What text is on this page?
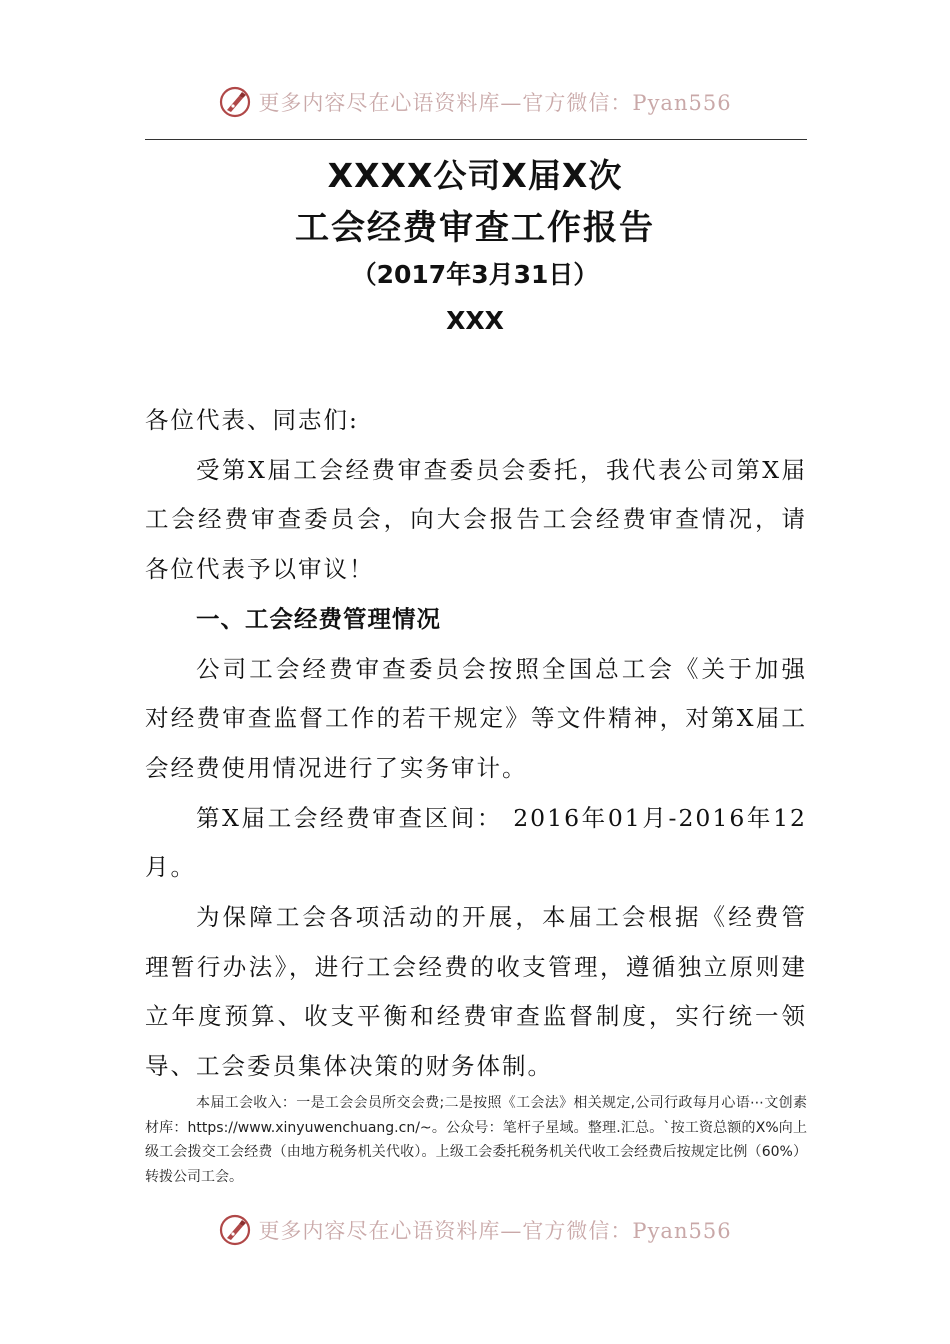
更多内容尽在心语资料库—官方微信：Pyan556
XXXX公司X届X次
工会经费审查工作报告
（2017年3月31日）
XXX

各位代表、同志们:

受第X届工会经费审查委员会委托，我代表公司第X届工会经费审查委员会，向大会报告工会经费审查情况，请各位代表予以审议！

一、工会经费管理情况

公司工会经费审查委员会按照全国总工会《关于加强对经费审查监督工作的若干规定》等文件精神，对第X届工会经费使用情况进行了实务审计。

第X届工会经费审查区间： 2016年01月-2016年12月。

为保障工会各项活动的开展，本届工会根据《经费管理暂行办法》，进行工会经费的收支管理，遵循独立原则建立年度预算、收支平衡和经费审查监督制度，实行统一领导、工会委员集体决策的财务体制。

本届工会收入：一是工会会员所交会费;二是按照《工会法》相关规定,公司行政每月心语⋯文创素材库：https://www.xinyuwenchuang.cn/~。公众号：笔杆子星域。整理.汇总。`按工资总额的X%向上级工会拨交工会经费（由地方税务机关代收）。上级工会委托税务机关代收工会经费后按规定比例（60%）转拨公司工会。
更多内容尽在心语资料库—官方微信：Pyan556
